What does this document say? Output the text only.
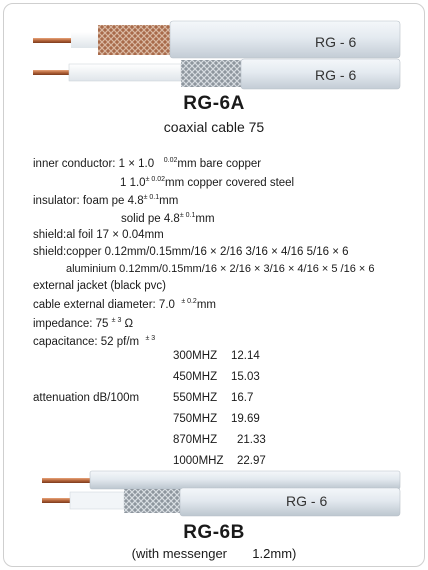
RG - 6
RG - 6
RG-6A
coaxial cable 75
inner conductor: 1 × 1.0 $^{0.02}$mm bare copper
1 $1.0^{\pm 0.02}mm$ copper covered steel
insulator: foam pe $4.8^{\pm 0.1}mm$
solid pe $4.8^{\pm 0.1}mm$
shield:al foil 17 × 0.04mm
shield:copper 0.12mm/0.15mm/16 × 2/16 3/16 × 4/16 5/16 × 6
aluminium 0.12mm/0.15mm/16 × 2/16 × 3/16 × 4/16 × 5 /16 × 6
external jacket (black pvc)
cable external diameter: 7.0 $^{\pm 0.2}$mm
impedance: 75 $^{\pm 3}$ Ω
capacitance: 52 pf/m $^{\pm 3}$
attenuation dB/100m
300MHZ 12.14
450MHZ 15.03
550MHZ 16.7
750MHZ 19.69
870MHZ 21.33
1000MHZ 22.97
RG - 6
RG-6B
(with messenger       1.2mm)
